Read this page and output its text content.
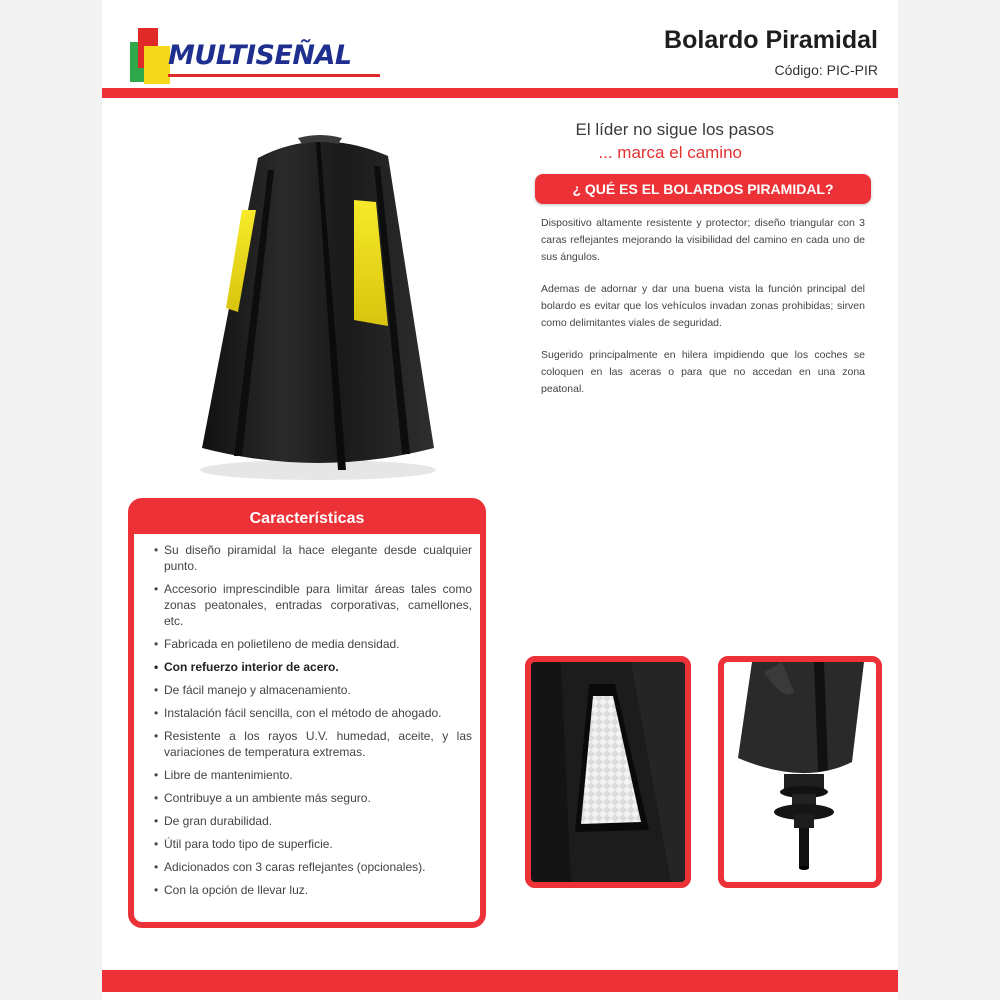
MULTISEÑAL	Bolardo Piramidal
Código: PIC-PIR
El líder no sigue los pasos
... marca el camino
¿ QUÉ ES EL BOLARDOS PIRAMIDAL?

Dispositivo altamente resistente y protector; diseño triangular con 3 caras reflejantes mejorando la visibilidad del camino en cada uno de sus ángulos.

Ademas de adornar y dar una buena vista la función principal del bolardo es evitar que los vehículos invadan zonas prohibidas; sirven como delimitantes viales de seguridad.

Sugerido principalmente en hilera impidiendo que los coches se coloquen en las aceras o para que no accedan en una zona peatonal.

Características
• Su diseño piramidal la hace elegante desde cualquier punto.
• Accesorio imprescindible para limitar áreas tales como zonas peatonales, entradas corporativas, camellones, etc.
• Fabricada en polietileno de media densidad.
• Con refuerzo interior de acero.
• De fácil manejo y almacenamiento.
• Instalación fácil sencilla, con el método de ahogado.
• Resistente a los rayos U.V. humedad, aceite, y las variaciones de temperatura extremas.
• Libre de mantenimiento.
• Contribuye a un ambiente más seguro.
• De gran durabilidad.
• Útil para todo tipo de superficie.
• Adicionados con 3 caras reflejantes (opcionales).
• Con la opción de llevar luz.
